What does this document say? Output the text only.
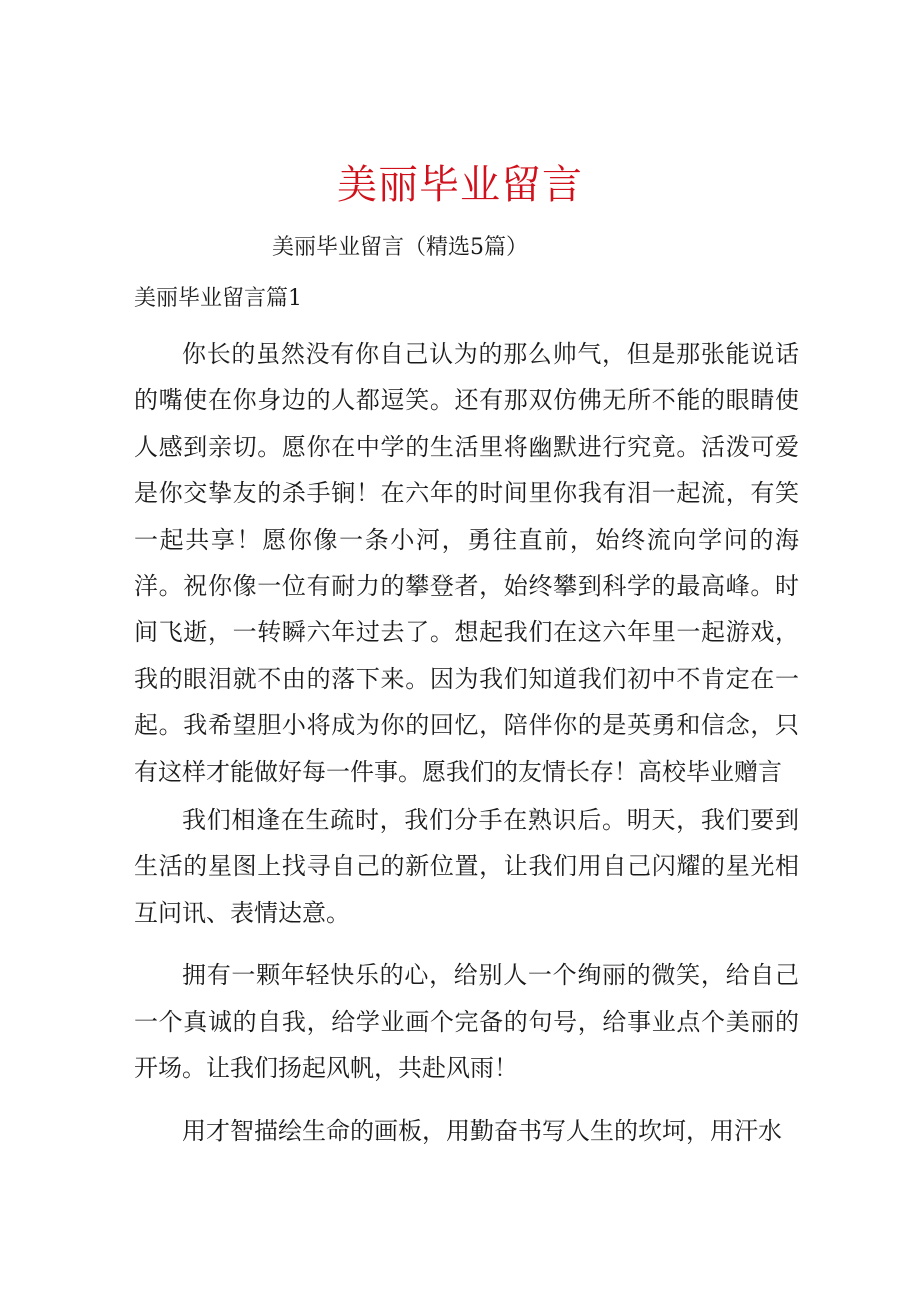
美丽毕业留言

美丽毕业留言（精选5篇）

美丽毕业留言篇1

你长的虽然没有你自己认为的那么帅气，但是那张能说话的嘴使在你身边的人都逗笑。还有那双仿佛无所不能的眼睛使人感到亲切。愿你在中学的生活里将幽默进行究竟。活泼可爱是你交挚友的杀手锏！在六年的时间里你我有泪一起流，有笑一起共享！愿你像一条小河，勇往直前，始终流向学问的海洋。祝你像一位有耐力的攀登者，始终攀到科学的最高峰。时间飞逝，一转瞬六年过去了。想起我们在这六年里一起游戏，我的眼泪就不由的落下来。因为我们知道我们初中不肯定在一起。我希望胆小将成为你的回忆，陪伴你的是英勇和信念，只有这样才能做好每一件事。愿我们的友情长存！高校毕业赠言

我们相逢在生疏时，我们分手在熟识后。明天，我们要到生活的星图上找寻自己的新位置，让我们用自己闪耀的星光相互问讯、表情达意。

拥有一颗年轻快乐的心，给别人一个绚丽的微笑，给自己一个真诚的自我，给学业画个完备的句号，给事业点个美丽的开场。让我们扬起风帆，共赴风雨！

用才智描绘生命的画板，用勤奋书写人生的坎坷，用汗水
